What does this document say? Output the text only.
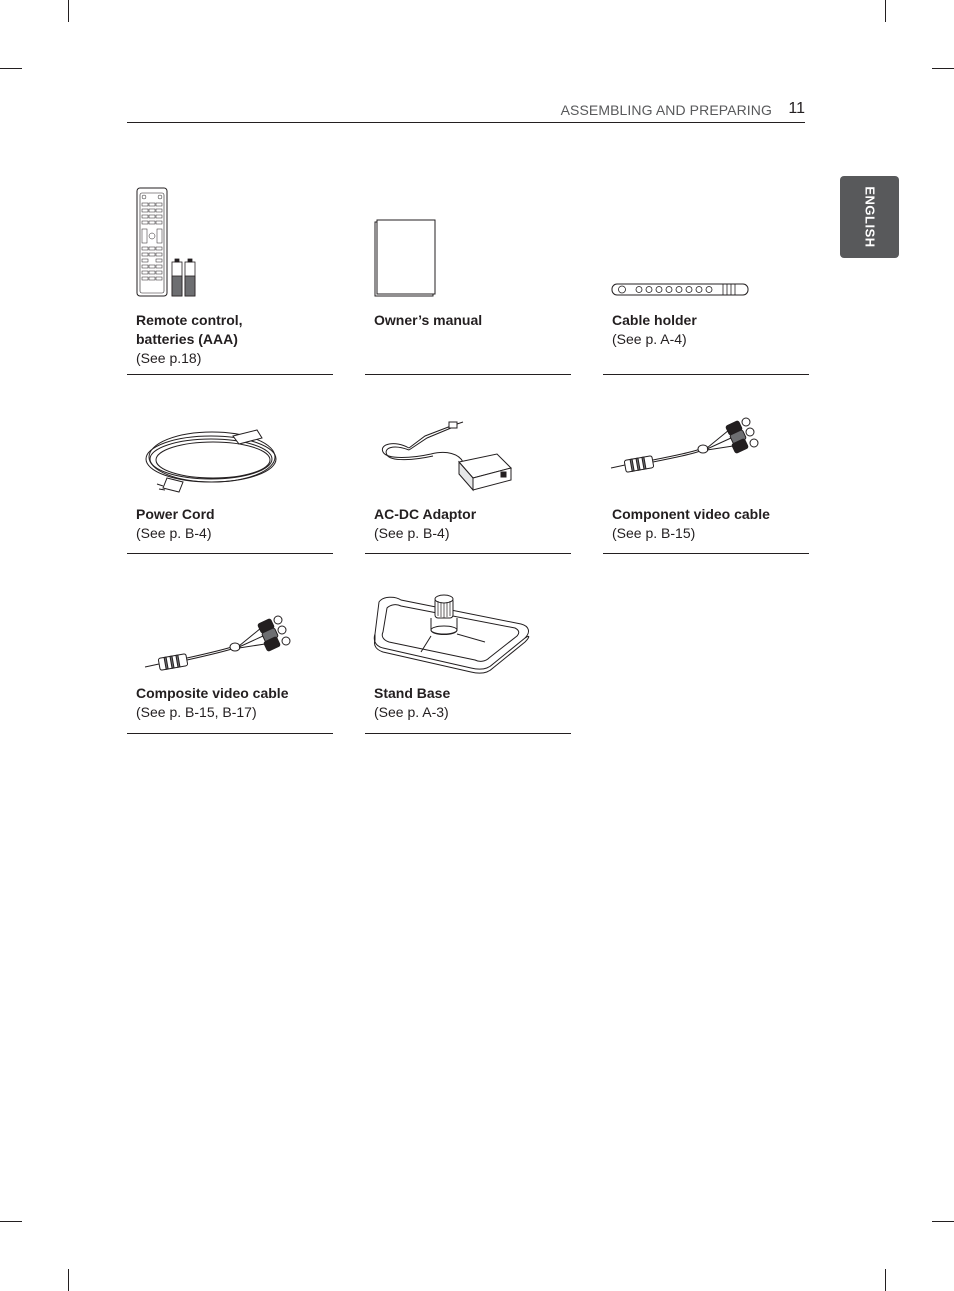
ASSEMBLING AND PREPARING 11
ENGLISH
Remote control,
batteries (AAA)
(See p.18)
Owner’s manual	Cable holder
(See p. A-4)
Power Cord
(See p. B-4)
AC-DC Adaptor
(See p. B-4)
Component video cable
(See p. B-15)
Composite video cable
(See p. B-15, B-17)
Stand Base
(See p. A-3)
